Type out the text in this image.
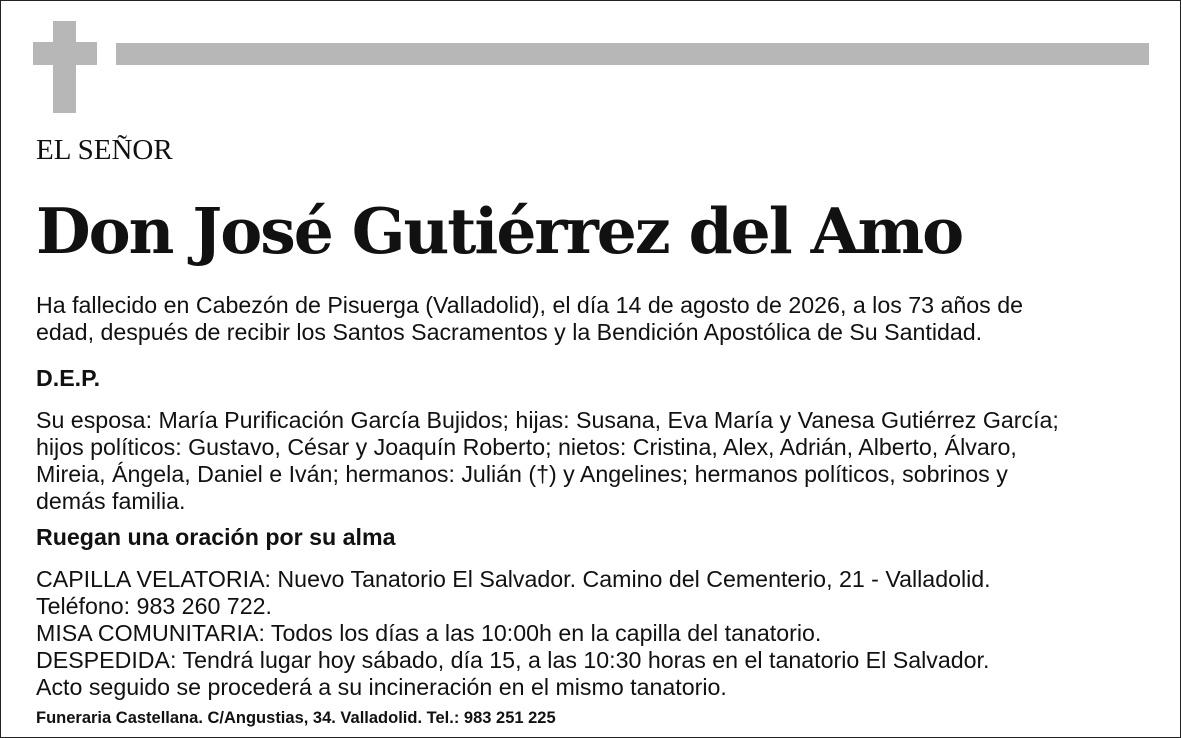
EL SEÑOR
Don José Gutiérrez del Amo
Ha fallecido en Cabezón de Pisuerga (Valladolid), el día 14 de agosto de 2026, a los 73 años de
edad, después de recibir los Santos Sacramentos y la Bendición Apostólica de Su Santidad.
D.E.P.
Su esposa: María Purificación García Bujidos; hijas: Susana, Eva María y Vanesa Gutiérrez García;
hijos políticos: Gustavo, César y Joaquín Roberto; nietos: Cristina, Alex, Adrián, Alberto, Álvaro,
Mireia, Ángela, Daniel e Iván; hermanos: Julián (†) y Angelines; hermanos políticos, sobrinos y
demás familia.
Ruegan una oración por su alma
CAPILLA VELATORIA: Nuevo Tanatorio El Salvador. Camino del Cementerio, 21 - Valladolid.
Teléfono: 983 260 722.
MISA COMUNITARIA: Todos los días a las 10:00h en la capilla del tanatorio.
DESPEDIDA: Tendrá lugar hoy sábado, día 15, a las 10:30 horas en el tanatorio El Salvador.
Acto seguido se procederá a su incineración en el mismo tanatorio.
Funeraria Castellana. C/Angustias, 34. Valladolid. Tel.: 983 251 225
